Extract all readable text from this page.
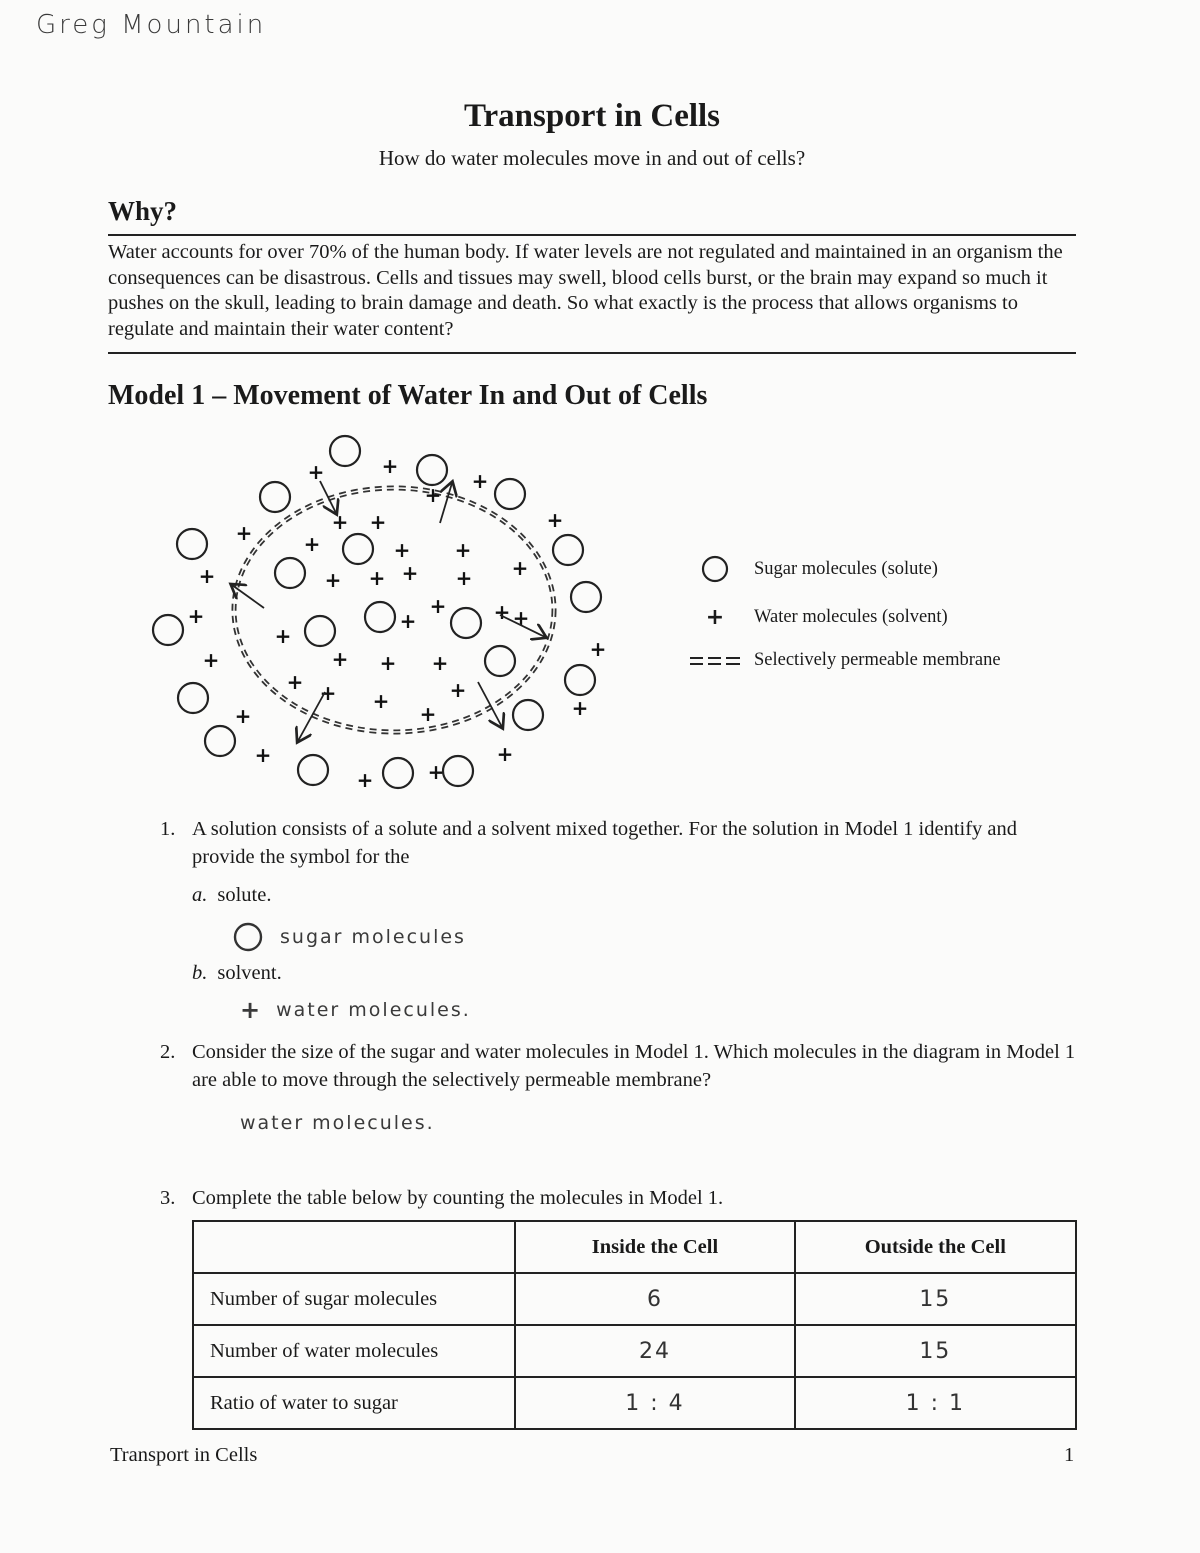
Greg Mountain
Transport in Cells
How do water molecules move in and out of cells?
Why?
Water accounts for over 70% of the human body. If water levels are not regulated and maintained in an organism the consequences can be disastrous. Cells and tissues may swell, blood cells burst, or the brain may expand so much it pushes on the skull, leading to brain damage and death. So what exactly is the process that allows organisms to regulate and maintain their water content?
Model 1 – Movement of Water In and Out of Cells
+	+
+
+
+
+
+
+
+	+
+	+
+	+
+
+ +
+	+ +
+ + + + +
+
+
+	+
+ + +
+ + +	+
+
+
+
Sugar molecules (solute)
+	Water molecules (solvent)
Selectively permeable membrane
1. A solution consists of a solute and a solvent mixed together. For the solution in Model 1 identify and provide the symbol for the
a. solute.
sugar molecules
b. solvent.
+ water molecules.
2. Consider the size of the sugar and water molecules in Model 1. Which molecules in the diagram in Model 1 are able to move through the selectively permeable membrane?
water molecules.
3. Complete the table below by counting the molecules in Model 1.
	Inside the Cell	Outside the Cell
Number of sugar molecules	6	15
Number of water molecules	24	15
Ratio of water to sugar	1 : 4	1 : 1
Transport in Cells	1
